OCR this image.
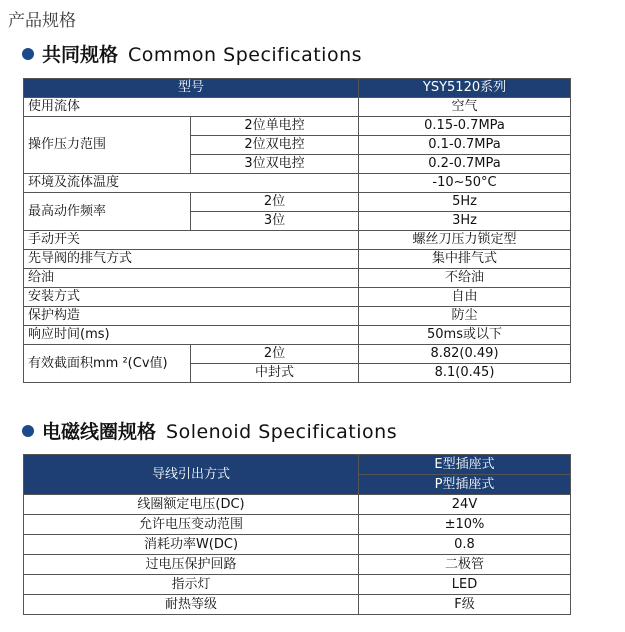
产品规格
共同规格 Common Specifications
型号		YSY5120系列
使用流体		空气
操作压力范围	2位单电控	0.15-0.7MPa
	2位双电控	0.1-0.7MPa
	3位双电控	0.2-0.7MPa
环境及流体温度		-10~50°C
最高动作频率	2位	5Hz
	3位	3Hz
手动开关		螺丝刀压力锁定型
先导阀的排气方式		集中排气式
给油		不给油
安装方式		自由
保护构造		防尘
响应时间(ms)		50ms或以下
有效截面积mm ²(Cv值)	2位	8.82(0.49)
	中封式	8.1(0.45)
电磁线圈规格 Solenoid Specifications
导线引出方式	E型插座式
	P型插座式
线圈额定电压(DC)	24V
允许电压变动范围	±10%
消耗功率W(DC)	0.8
过电压保护回路	二极管
指示灯	LED
耐热等级	F级
